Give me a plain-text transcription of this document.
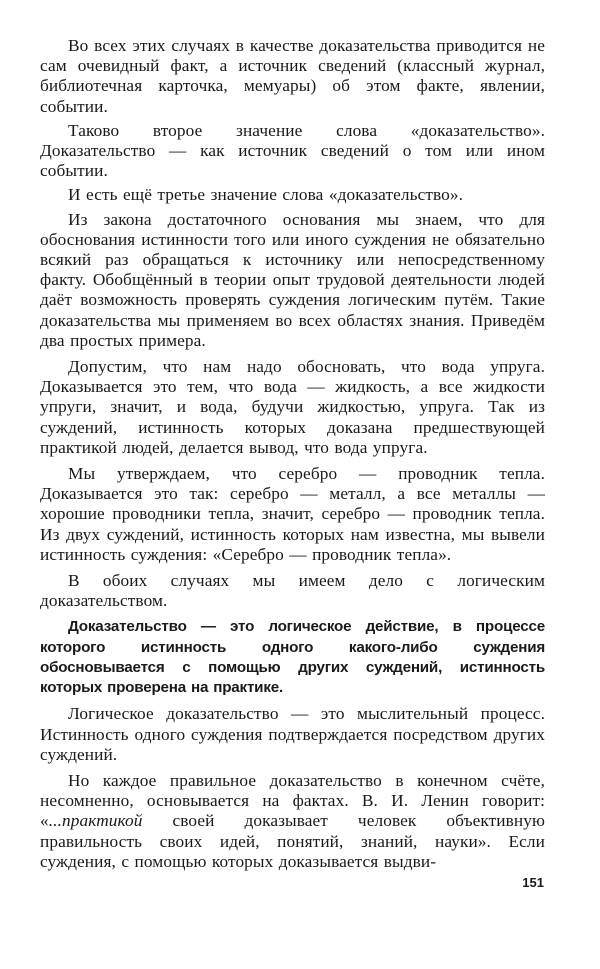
Во всех этих случаях в качестве доказательства приводится не сам очевидный факт, а источник сведений (классный журнал, библиотечная карточка, мемуары) об этом факте, явлении, событии.

Таково второе значение слова «доказательство». Доказательство — как источник сведений о том или ином событии.

И есть ещё третье значение слова «доказательство».

Из закона достаточного основания мы знаем, что для обоснования истинности того или иного суждения не обязательно всякий раз обращаться к источнику или непосредственному факту. Обобщённый в теории опыт трудовой деятельности людей даёт возможность проверять суждения логическим путём. Такие доказательства мы применяем во всех областях знания. Приведём два простых примера.

Допустим, что нам надо обосновать, что вода упруга. Доказывается это тем, что вода — жидкость, а все жидкости упруги, значит, и вода, будучи жидкостью, упруга. Так из суждений, истинность которых доказана предшествующей практикой людей, делается вывод, что вода упруга.

Мы утверждаем, что серебро — проводник тепла. Доказывается это так: серебро — металл, а все металлы — хорошие проводники тепла, значит, серебро — проводник тепла. Из двух суждений, истинность которых нам известна, мы вывели истинность суждения: «Серебро — проводник тепла».

В обоих случаях мы имеем дело с логическим доказательством.

Доказательство — это логическое действие, в процессе которого истинность одного какого-либо суждения обосновывается с помощью других суждений, истинность которых проверена на практике.

Логическое доказательство — это мыслительный процесс. Истинность одного суждения подтверждается посредством других суждений.

Но каждое правильное доказательство в конечном счёте, несомненно, основывается на фактах. В. И. Ленин говорит: «...практикой своей доказывает человек объективную правильность своих идей, понятий, знаний, науки». Если суждения, с помощью которых доказывается выдви-

151
